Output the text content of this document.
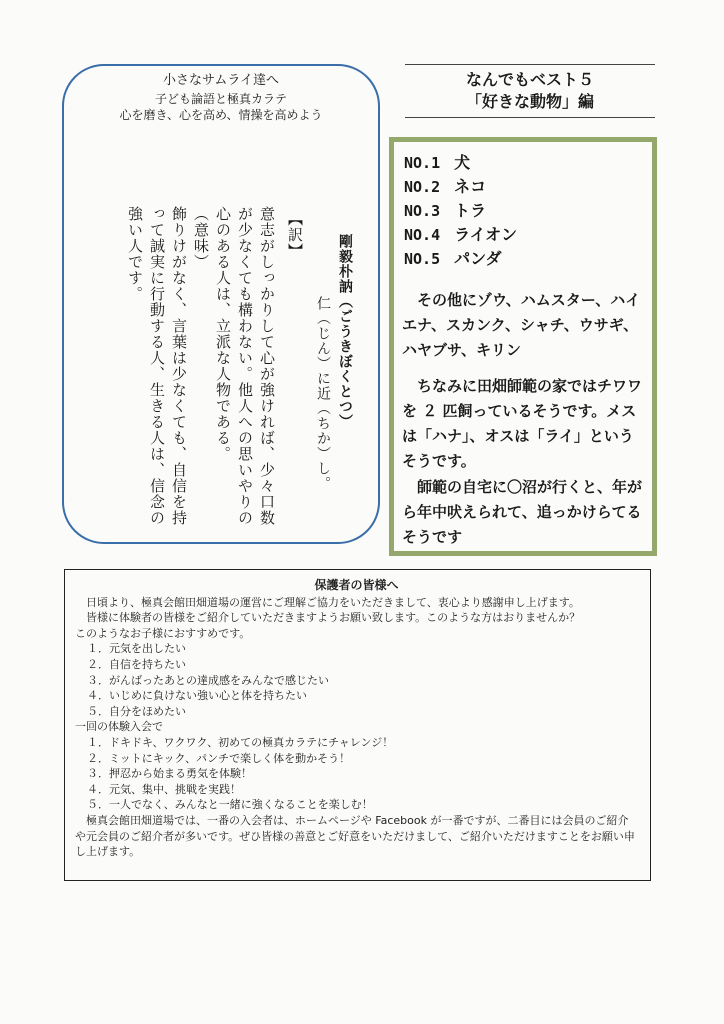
小さなサムライ達へ
子ども論語と極真カラテ
心を磨き、心を高め、情操を高めよう
剛毅朴訥（ごうきぼくとつ）
仁（じん）に近（ちか）し。
【訳】

意志がしっかりして心が強ければ、少々口数が少なくても構わない。他人への思いやりの心のある人は、立派な人物である。

（意味）

飾りけがなく、言葉は少なくても、自信を持って誠実に行動する人、生きる人は、信念の強い人です。

なんでもベスト５
「好きな動物」編
NO.1 犬
NO.2 ネコ
NO.3 トラ
NO.4 ライオン
NO.5 パンダ
その他にゾウ、ハムスター、ハイエナ、スカンク、シャチ、ウサギ、ハヤブサ、キリン
ちなみに田畑師範の家ではチワワを ２ 匹飼っているそうです。メスは「ハナ」、オスは「ライ」というそうです。
師範の自宅に〇沼が行くと、年がら年中吠えられて、追っかけらてるそうです
保護者の皆様へ

日頃より、極真会館田畑道場の運営にご理解ご協力をいただきまして、衷心より感謝申し上げます。

皆様に体験者の皆様をご紹介していただきますようお願い致します。このような方はおりませんか？

このようなお子様におすすめです。

１．元気を出したい

２．自信を持ちたい

３．がんばったあとの達成感をみんなで感じたい

４．いじめに負けない強い心と体を持ちたい

５．自分をほめたい

一回の体験入会で

１．ドキドキ、ワクワク、初めての極真カラテにチャレンジ！

２．ミットにキック、パンチで楽しく体を動かそう！

３．押忍から始まる勇気を体験！

４．元気、集中、挑戦を実践！

５．一人でなく、みんなと一緒に強くなることを楽しむ！

極真会館田畑道場では、一番の入会者は、ホームページや Facebook が一番ですが、二番目には会員のご紹介や元会員のご紹介者が多いです。ぜひ皆様の善意とご好意をいただけまして、ご紹介いただけますことをお願い申し上げます。
